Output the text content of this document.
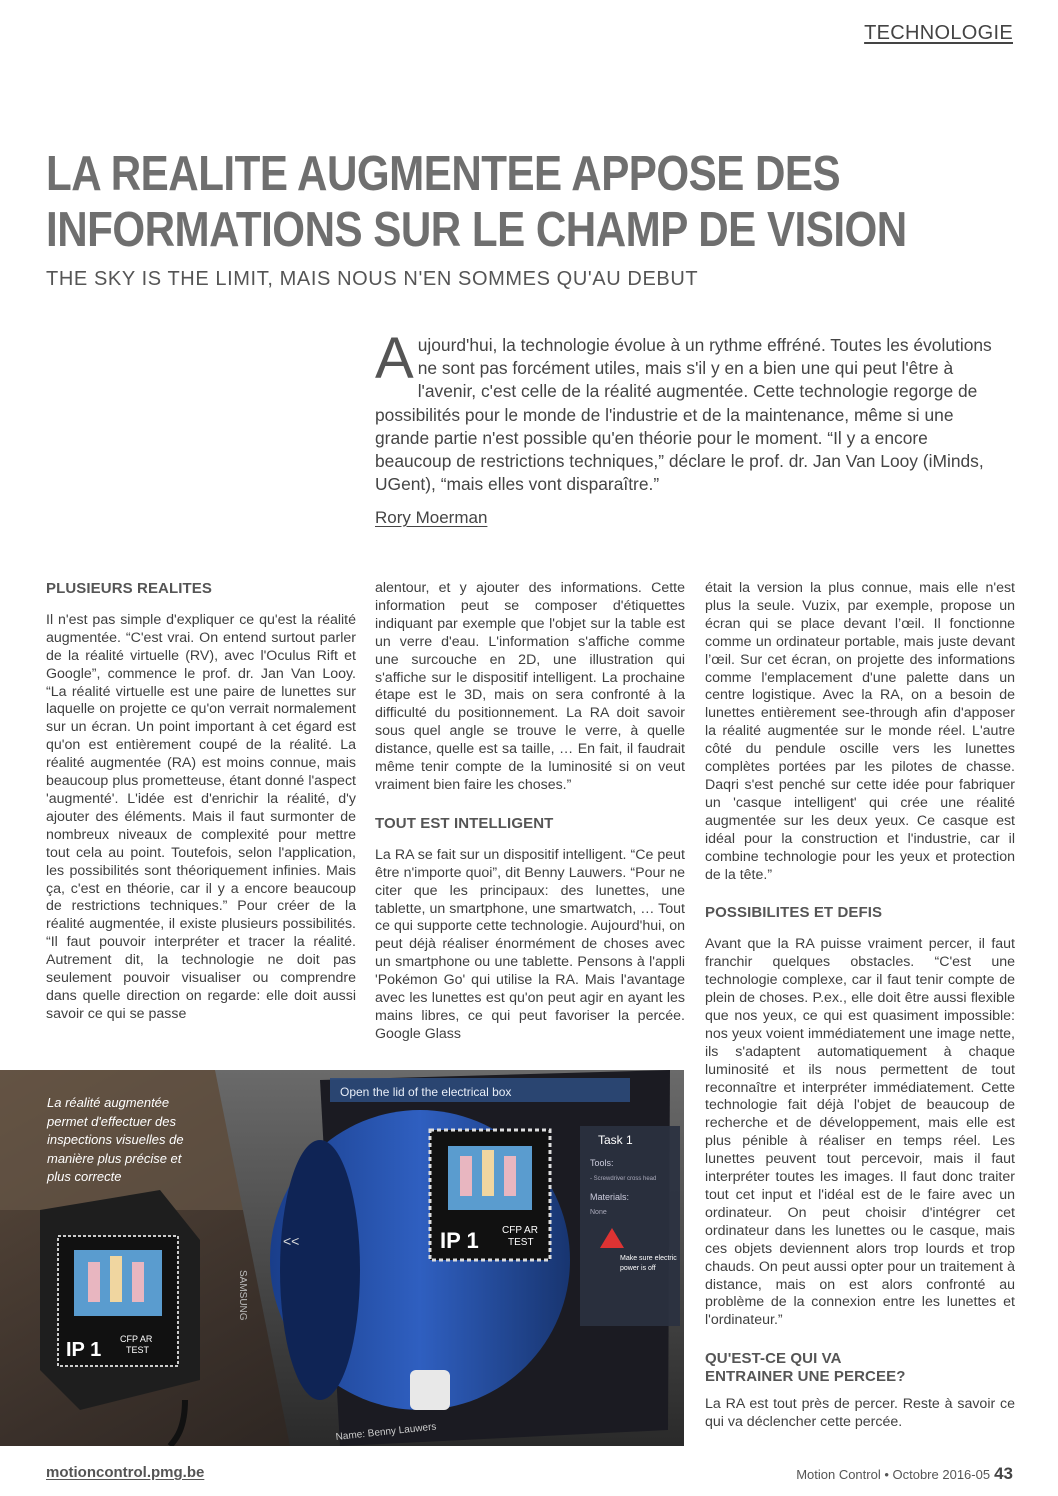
TECHNOLOGIE
LA REALITE AUGMENTEE APPOSE DES
INFORMATIONS SUR LE CHAMP DE VISION
THE SKY IS THE LIMIT, MAIS NOUS N'EN SOMMES QU'AU DEBUT
Aujourd'hui, la technologie évolue à un rythme effréné. Toutes les évolutions ne sont pas forcément utiles, mais s'il y en a bien une qui peut l'être à l'avenir, c'est celle de la réalité augmentée. Cette technologie regorge de possibilités pour le monde de l'industrie et de la maintenance, même si une grande partie n'est possible qu'en théorie pour le moment. “Il y a encore beaucoup de restrictions techniques,” déclare le prof. dr. Jan Van Looy (iMinds, UGent), “mais elles vont disparaître.”
Rory Moerman
PLUSIEURS REALITES

Il n'est pas simple d'expliquer ce qu'est la réalité augmentée. “C'est vrai. On entend surtout parler de la réalité virtuelle (RV), avec l'Oculus Rift et Google”, commence le prof. dr. Jan Van Looy. “La réalité virtuelle est une paire de lunettes sur laquelle on projette ce qu'on verrait normalement sur un écran. Un point important à cet égard est qu'on est entièrement coupé de la réalité. La réalité augmentée (RA) est moins connue, mais beaucoup plus prometteuse, étant donné l'aspect 'augmenté'. L'idée est d'enrichir la réalité, d'y ajouter des éléments. Mais il faut surmonter de nombreux niveaux de complexité pour mettre tout cela au point. Toutefois, selon l'application, les possibilités sont théoriquement infinies. Mais ça, c'est en théorie, car il y a encore beaucoup de restrictions techniques.” Pour créer de la réalité augmentée, il existe plusieurs possibilités. “Il faut pouvoir interpréter et tracer la réalité. Autrement dit, la technologie ne doit pas seulement pouvoir visualiser ou comprendre dans quelle direction on regarde: elle doit aussi savoir ce qui se passe

alentour, et y ajouter des informations. Cette information peut se composer d'étiquettes indiquant par exemple que l'objet sur la table est un verre d'eau. L'information s'affiche comme une surcouche en 2D, une illustration qui s'affiche sur le dispositif intelligent. La prochaine étape est le 3D, mais on sera confronté à la difficulté du positionnement. La RA doit savoir sous quel angle se trouve le verre, à quelle distance, quelle est sa taille, … En fait, il faudrait même tenir compte de la luminosité si on veut vraiment bien faire les choses.”

TOUT EST INTELLIGENT

La RA se fait sur un dispositif intelligent. “Ce peut être n'importe quoi”, dit Benny Lauwers. “Pour ne citer que les principaux: des lunettes, une tablette, un smartphone, une smartwatch, … Tout ce qui supporte cette technologie. Aujourd'hui, on peut déjà réaliser énormément de choses avec un smartphone ou une tablette. Pensons à l'appli 'Pokémon Go' qui utilise la RA. Mais l'avantage avec les lunettes est qu'on peut agir en ayant les mains libres, ce qui peut favoriser la percée. Google Glass

était la version la plus connue, mais elle n'est plus la seule. Vuzix, par exemple, propose un écran qui se place devant l’œil. Il fonctionne comme un ordinateur portable, mais juste devant l’œil. Sur cet écran, on projette des informations comme l'emplacement d'une palette dans un centre logistique. Avec la RA, on a besoin de lunettes entièrement see-through afin d'apposer la réalité augmentée sur le monde réel. L'autre côté du pendule oscille vers les lunettes complètes portées par les pilotes de chasse. Daqri s'est penché sur cette idée pour fabriquer un 'casque intelligent' qui crée une réalité augmentée sur les deux yeux. Ce casque est idéal pour la construction et l'industrie, car il combine technologie pour les yeux et protection de la tête.”

POSSIBILITES ET DEFIS

Avant que la RA puisse vraiment percer, il faut franchir quelques obstacles. “C'est une technologie complexe, car il faut tenir compte de plein de choses. P.ex., elle doit être aussi flexible que nos yeux, ce qui est quasiment impossible: nos yeux voient immédiatement une image nette, ils s'adaptent automatiquement à chaque luminosité et ils nous permettent de tout reconnaître et interpréter immédiatement. Cette technologie fait déjà l'objet de beaucoup de recherche et de développement, mais elle est plus pénible à réaliser en temps réel. Les lunettes peuvent tout percevoir, mais il faut interpréter toutes les images. Il faut donc traiter tout cet input et l'idéal est de le faire avec un ordinateur. On peut choisir d'intégrer cet ordinateur dans les lunettes ou le casque, mais ces objets deviennent alors trop lourds et trop chauds. On peut aussi opter pour un traitement à distance, mais on est alors confronté au problème de la connexion entre les lunettes et l'ordinateur.”

QU'EST-CE QUI VA
ENTRAINER UNE PERCEE?

La RA est tout près de percer. Reste à savoir ce qui va déclencher cette percée.

Open the lid of the electrical box
IP 1 CFP AR
TEST
Task 1
Tools:
- Screwdriver cross head
Materials:
None
Make sure electric
power is off
<<
SAMSUNG
IP 1 CFP AR
TEST
Name: Benny Lauwers
La réalité augmentée permet d'effectuer des inspections visuelles de manière plus précise et plus correcte
motioncontrol.pmg.be	Motion Control • Octobre 2016-05 43
